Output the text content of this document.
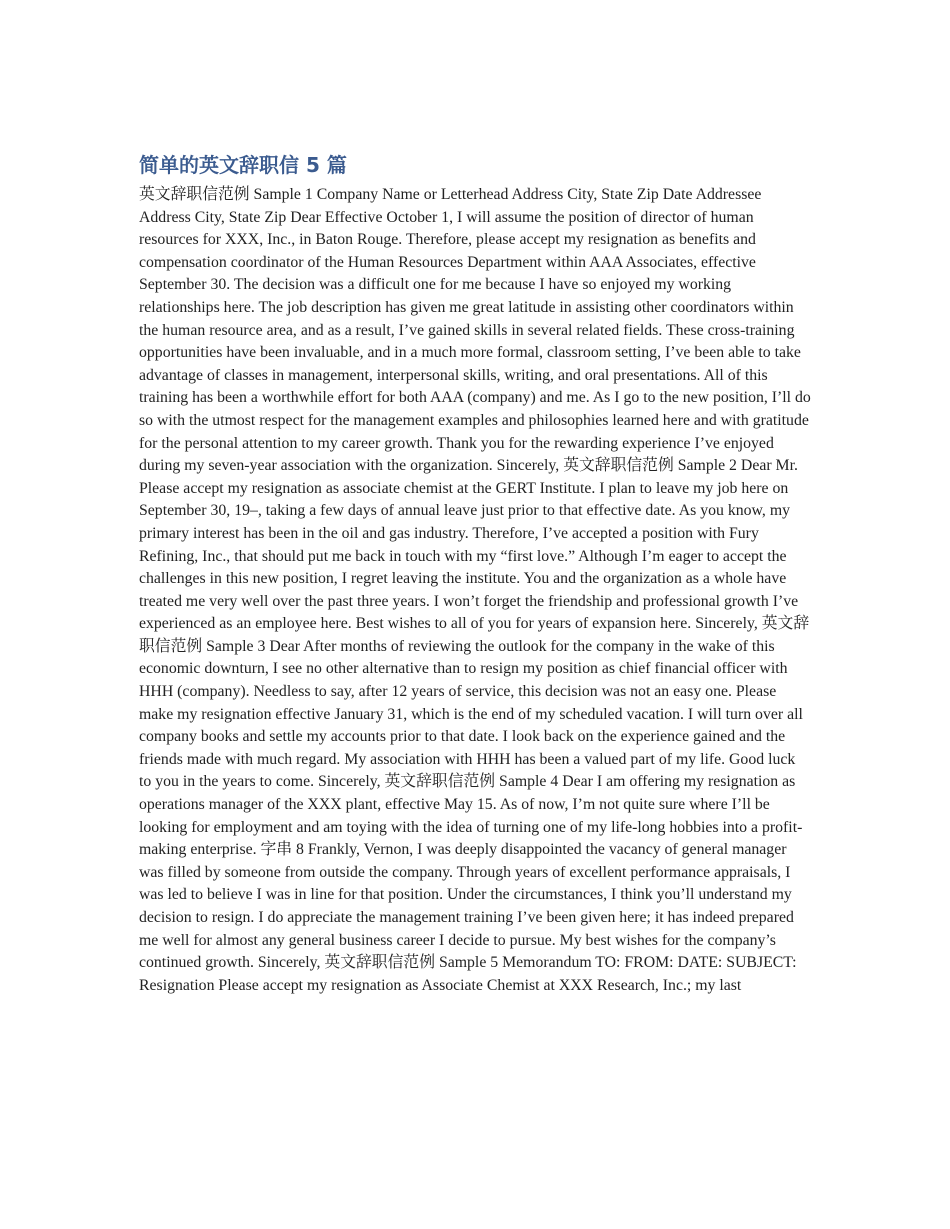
简单的英文辞职信 5 篇

英文辞职信范例 Sample 1 Company Name or Letterhead Address City, State Zip Date Addressee Address City, State Zip Dear Effective October 1, I will assume the position of director of human resources for XXX, Inc., in Baton Rouge. Therefore, please accept my resignation as benefits and compensation coordinator of the Human Resources Department within AAA Associates, effective September 30. The decision was a difficult one for me because I have so enjoyed my working relationships here. The job description has given me great latitude in assisting other coordinators within the human resource area, and as a result, I’ve gained skills in several related fields. These cross-training opportunities have been invaluable, and in a much more formal, classroom setting, I’ve been able to take advantage of classes in management, interpersonal skills, writing, and oral presentations. All of this training has been a worthwhile effort for both AAA (company) and me. As I go to the new position, I’ll do so with the utmost respect for the management examples and philosophies learned here and with gratitude for the personal attention to my career growth. Thank you for the rewarding experience I’ve enjoyed during my seven-year association with the organization. Sincerely, 英文辞职信范例 Sample 2 Dear Mr. Please accept my resignation as associate chemist at the GERT Institute. I plan to leave my job here on September 30, 19–, taking a few days of annual leave just prior to that effective date. As you know, my primary interest has been in the oil and gas industry. Therefore, I’ve accepted a position with Fury Refining, Inc., that should put me back in touch with my “first love.” Although I’m eager to accept the challenges in this new position, I regret leaving the institute. You and the organization as a whole have treated me very well over the past three years. I won’t forget the friendship and professional growth I’ve experienced as an employee here. Best wishes to all of you for years of expansion here. Sincerely, 英文辞职信范例 Sample 3 Dear After months of reviewing the outlook for the company in the wake of this economic downturn, I see no other alternative than to resign my position as chief financial officer with HHH (company). Needless to say, after 12 years of service, this decision was not an easy one. Please make my resignation effective January 31, which is the end of my scheduled vacation. I will turn over all company books and settle my accounts prior to that date. I look back on the experience gained and the friends made with much regard. My association with HHH has been a valued part of my life. Good luck to you in the years to come. Sincerely, 英文辞职信范例 Sample 4 Dear I am offering my resignation as operations manager of the XXX plant, effective May 15. As of now, I’m not quite sure where I’ll be looking for employment and am toying with the idea of turning one of my life-long hobbies into a profit-making enterprise. 字串 8 Frankly, Vernon, I was deeply disappointed the vacancy of general manager was filled by someone from outside the company. Through years of excellent performance appraisals, I was led to believe I was in line for that position. Under the circumstances, I think you’ll understand my decision to resign. I do appreciate the management training I’ve been given here; it has indeed prepared me well for almost any general business career I decide to pursue. My best wishes for the company’s continued growth. Sincerely, 英文辞职信范例 Sample 5 Memorandum TO: FROM: DATE: SUBJECT: Resignation Please accept my resignation as Associate Chemist at XXX Research, Inc.; my last
